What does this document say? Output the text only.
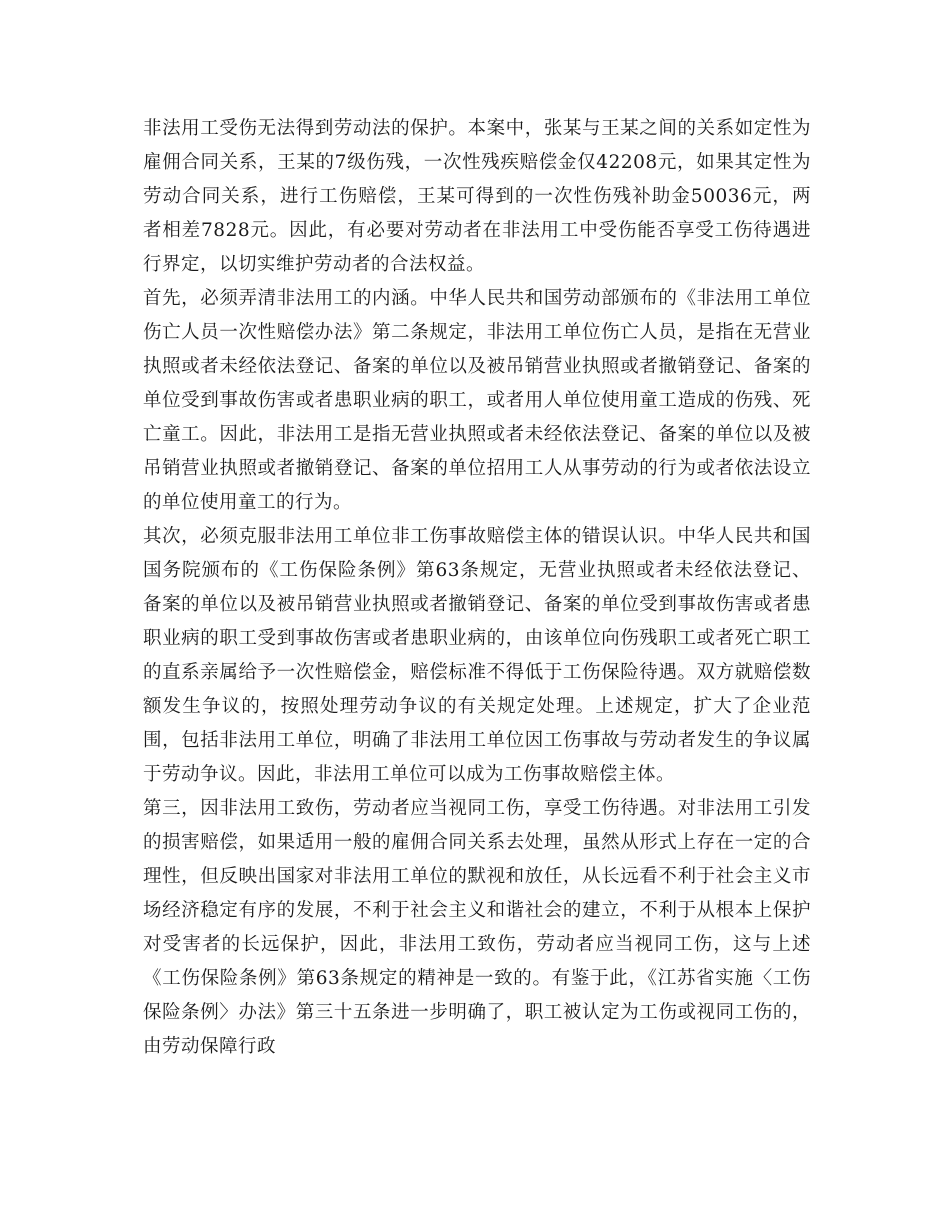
非法用工受伤无法得到劳动法的保护。本案中，张某与王某之间的关系如定性为雇佣合同关系，王某的7级伤残，一次性残疾赔偿金仅42208元，如果其定性为劳动合同关系，进行工伤赔偿，王某可得到的一次性伤残补助金50036元，两者相差7828元。因此，有必要对劳动者在非法用工中受伤能否享受工伤待遇进行界定，以切实维护劳动者的合法权益。

首先，必须弄清非法用工的内涵。中华人民共和国劳动部颁布的《非法用工单位伤亡人员一次性赔偿办法》第二条规定，非法用工单位伤亡人员，是指在无营业执照或者未经依法登记、备案的单位以及被吊销营业执照或者撤销登记、备案的单位受到事故伤害或者患职业病的职工，或者用人单位使用童工造成的伤残、死亡童工。因此，非法用工是指无营业执照或者未经依法登记、备案的单位以及被吊销营业执照或者撤销登记、备案的单位招用工人从事劳动的行为或者依法设立的单位使用童工的行为。

其次，必须克服非法用工单位非工伤事故赔偿主体的错误认识。中华人民共和国国务院颁布的《工伤保险条例》第63条规定，无营业执照或者未经依法登记、备案的单位以及被吊销营业执照或者撤销登记、备案的单位受到事故伤害或者患职业病的职工受到事故伤害或者患职业病的，由该单位向伤残职工或者死亡职工的直系亲属给予一次性赔偿金，赔偿标准不得低于工伤保险待遇。双方就赔偿数额发生争议的，按照处理劳动争议的有关规定处理。上述规定，扩大了企业范围，包括非法用工单位，明确了非法用工单位因工伤事故与劳动者发生的争议属于劳动争议。因此，非法用工单位可以成为工伤事故赔偿主体。

第三，因非法用工致伤，劳动者应当视同工伤，享受工伤待遇。对非法用工引发的损害赔偿，如果适用一般的雇佣合同关系去处理，虽然从形式上存在一定的合理性，但反映出国家对非法用工单位的默视和放任，从长远看不利于社会主义市场经济稳定有序的发展，不利于社会主义和谐社会的建立，不利于从根本上保护对受害者的长远保护，因此，非法用工致伤，劳动者应当视同工伤，这与上述《工伤保险条例》第63条规定的精神是一致的。有鉴于此，《江苏省实施〈工伤保险条例〉办法》第三十五条进一步明确了，职工被认定为工伤或视同工伤的，由劳动保障行政
